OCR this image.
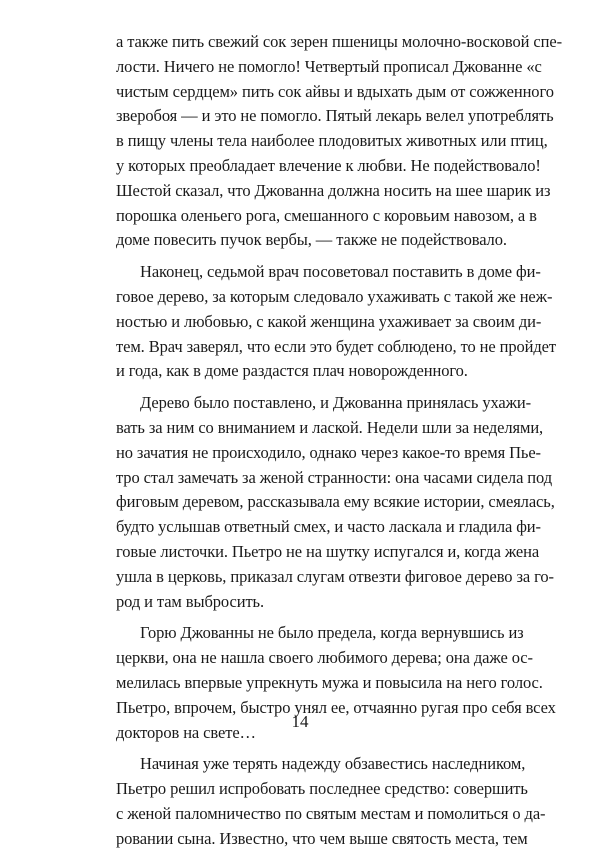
а также пить свежий сок зерен пшеницы молочно-восковой спе-
лости. Ничего не помогло! Четвертый прописал Джованне «с
чистым сердцем» пить сок айвы и вдыхать дым от сожженного
зверобоя — и это не помогло. Пятый лекарь велел употреблять
в пищу члены тела наиболее плодовитых животных или птиц,
у которых преобладает влечение к любви. Не подействовало!
Шестой сказал, что Джованна должна носить на шее шарик из
порошка оленьего рога, смешанного с коровьим навозом, а в
доме повесить пучок вербы, — также не подействовало.
Наконец, седьмой врач посоветовал поставить в доме фи-
говое дерево, за которым следовало ухаживать с такой же неж-
ностью и любовью, с какой женщина ухаживает за своим ди-
тем. Врач заверял, что если это будет соблюдено, то не пройдет
и года, как в доме раздастся плач новорожденного.
Дерево было поставлено, и Джованна принялась ухажи-
вать за ним со вниманием и лаской. Недели шли за неделями,
но зачатия не происходило, однако через какое-то время Пье-
тро стал замечать за женой странности: она часами сидела под
фиговым деревом, рассказывала ему всякие истории, смеялась,
будто услышав ответный смех, и часто ласкала и гладила фи-
говые листочки. Пьетро не на шутку испугался и, когда жена
ушла в церковь, приказал слугам отвезти фиговое дерево за го-
род и там выбросить.
Горю Джованны не было предела, когда вернувшись из
церкви, она не нашла своего любимого дерева; она даже ос-
мелилась впервые упрекнуть мужа и повысила на него голос.
Пьетро, впрочем, быстро унял ее, отчаянно ругая про себя всех
докторов на свете…
Начиная уже терять надежду обзавестись наследником,
Пьетро решил испробовать последнее средство: совершить
с женой паломничество по святым местам и помолиться о да-
ровании сына. Известно, что чем выше святость места, тем
14
